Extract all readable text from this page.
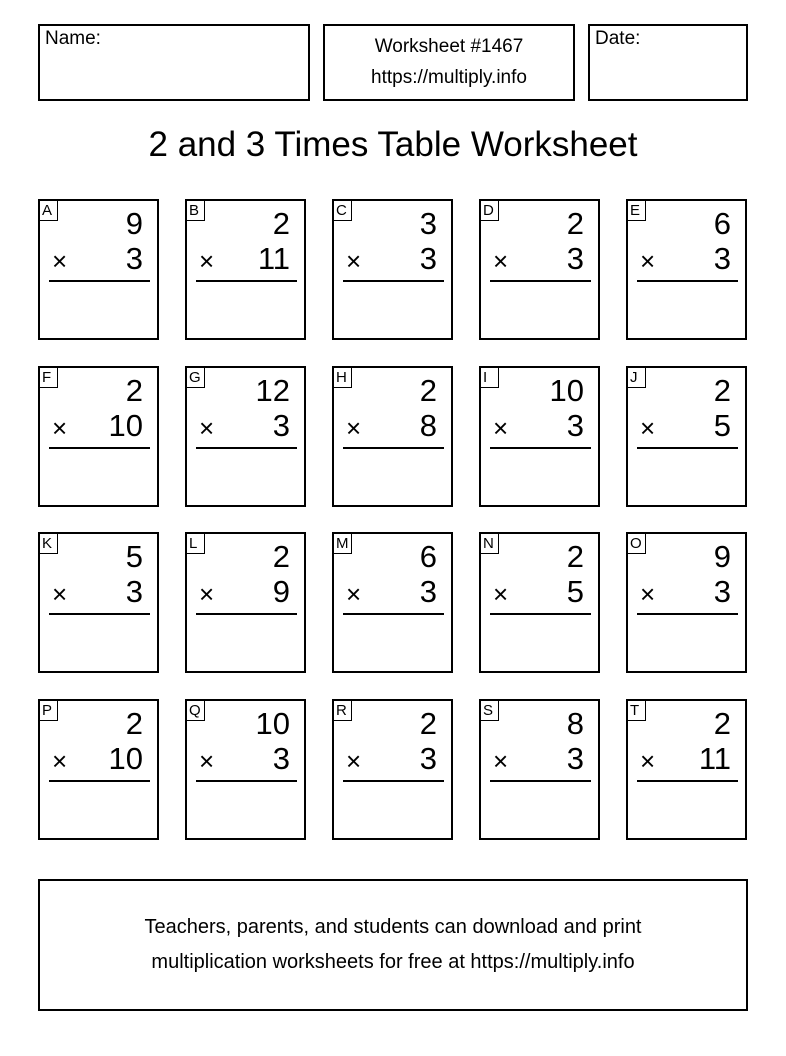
Name:	Worksheet #1467
https://multiply.info
Date:
2 and 3 Times Table Worksheet
A 9
× 3
B 2
× 11
C 3
× 3
D 2
× 3
E 6
× 3
F 2
× 10
G 12
× 3
H 2
× 8
I	10
× 3
J 2
× 5
K 5
× 3
L 2
× 9
M 6
× 3
N 2
× 5
O 9
× 3
P 2
× 10
Q 10
× 3
R 2
× 3
S 8
× 3
T 2
× 11
Teachers, parents, and students can download and print
multiplication worksheets for free at https://multiply.info
